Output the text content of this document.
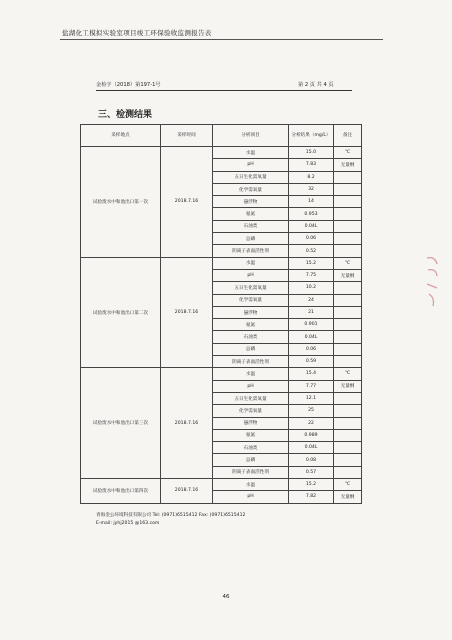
盐湖化工模拟实验室项目竣工环保验收监测报告表
金检字（2018）第197-1号	第 2 页 共 4 页
三、检测结果
采样地点	采样时间	分析项目	分析结果（mg/L）	备注
试验废水中和池出口第一次	2018.7.16	水温	15.0	℃
		pH	7.83	无量纲
		五日生化需氧量	8.2	
		化学需氧量	32	
		悬浮物	14	
		氨氮	0.953	
		石油类	0.04L	
		总磷	0.06	
		阴离子表面活性剂	0.52	
试验废水中和池出口第二次	2018.7.16	水温	15.2	℃
		pH	7.75	无量纲
		五日生化需氧量	10.2	
		化学需氧量	24	
		悬浮物	21	
		氨氮	0.901	
		石油类	0.04L	
		总磷	0.06	
		阴离子表面活性剂	0.59	
试验废水中和池出口第三次	2018.7.16	水温	15.4	℃
		pH	7.77	无量纲
		五日生化需氧量	12.1	
		化学需氧量	25	
		悬浮物	22	
		氨氮	0.989	
		石油类	0.04L	
		总磷	0.08	
		阴离子表面活性剂	0.57	
试验废水中和池出口第四次	2018.7.16	水温	15.2	℃
		pH	7.82	无量纲
青海金公环境科技有限公司 Tel: (0971)6515412 Fax: (0971)6515412
E-mail: jyhj2015 @163.com
46
